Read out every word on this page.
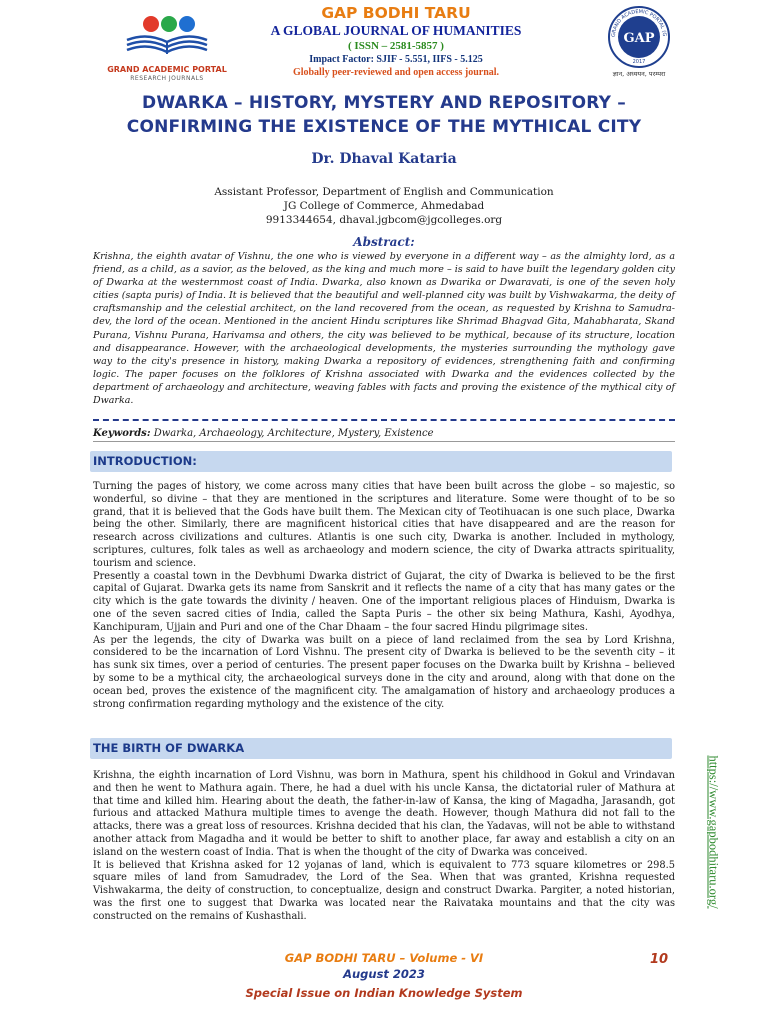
GRAND ACADEMIC PORTAL
RESEARCH JOURNALS
GAP BODHI TARU
A GLOBAL JOURNAL OF HUMANITIES
( ISSN – 2581-5857 )
Impact Factor: SJIF - 5.551, IIFS - 5.125
Globally peer-reviewed and open access journal.
GRAND ACADEMIC PORTAL (G
GAP
2017
ज्ञान, अध्ययन, परम्परा
DWARKA – HISTORY, MYSTERY AND REPOSITORY –
CONFIRMING THE EXISTENCE OF THE MYTHICAL CITY
Dr. Dhaval Kataria
Assistant Professor, Department of English and Communication
JG College of Commerce, Ahmedabad
9913344654, dhaval.jgbcom@jgcolleges.org
Abstract:
Krishna, the eighth avatar of Vishnu, the one who is viewed by everyone in a different way – as the almighty lord, as a friend, as a child, as a savior, as the beloved, as the king and much more – is said to have built the legendary golden city of Dwarka at the westernmost coast of India. Dwarka, also known as Dwarika or Dwaravati, is one of the seven holy cities (sapta puris) of India. It is believed that the beautiful and well-planned city was built by Vishwakarma, the deity of craftsmanship and the celestial architect, on the land recovered from the ocean, as requested by Krishna to Samudra-dev, the lord of the ocean. Mentioned in the ancient Hindu scriptures like Shrimad Bhagvad Gita, Mahabharata, Skand Purana, Vishnu Purana, Harivamsa and others, the city was believed to be mythical, because of its structure, location and disappearance. However, with the archaeological developments, the mysteries surrounding the mythology gave way to the city's presence in history, making Dwarka a repository of evidences, strengthening faith and confirming logic. The paper focuses on the folklores of Krishna associated with Dwarka and the evidences collected by the department of archaeology and architecture, weaving fables with facts and proving the existence of the mythical city of Dwarka.
Keywords: Dwarka, Archaeology, Architecture, Mystery, Existence
INTRODUCTION:

Turning the pages of history, we come across many cities that have been built across the globe – so majestic, so wonderful, so divine – that they are mentioned in the scriptures and literature. Some were thought of to be so grand, that it is believed that the Gods have built them. The Mexican city of Teotihuacan is one such place, Dwarka being the other. Similarly, there are magnificent historical cities that have disappeared and are the reason for research across civilizations and cultures. Atlantis is one such city, Dwarka is another. Included in mythology, scriptures, cultures, folk tales as well as archaeology and modern science, the city of Dwarka attracts spirituality, tourism and science.

Presently a coastal town in the Devbhumi Dwarka district of Gujarat, the city of Dwarka is believed to be the first capital of Gujarat. Dwarka gets its name from Sanskrit and it reflects the name of a city that has many gates or the city which is the gate towards the divinity / heaven. One of the important religious places of Hinduism, Dwarka is one of the seven sacred cities of India, called the Sapta Puris – the other six being Mathura, Kashi, Ayodhya, Kanchipuram, Ujjain and Puri and one of the Char Dhaam – the four sacred Hindu pilgrimage sites.

As per the legends, the city of Dwarka was built on a piece of land reclaimed from the sea by Lord Krishna, considered to be the incarnation of Lord Vishnu. The present city of Dwarka is believed to be the seventh city – it has sunk six times, over a period of centuries. The present paper focuses on the Dwarka built by Krishna – believed by some to be a mythical city, the archaeological surveys done in the city and around, along with that done on the ocean bed, proves the existence of the magnificent city. The amalgamation of history and archaeology produces a strong confirmation regarding mythology and the existence of the city.

THE BIRTH OF DWARKA

Krishna, the eighth incarnation of Lord Vishnu, was born in Mathura, spent his childhood in Gokul and Vrindavan and then he went to Mathura again. There, he had a duel with his uncle Kansa, the dictatorial ruler of Mathura at that time and killed him. Hearing about the death, the father-in-law of Kansa, the king of Magadha, Jarasandh, got furious and attacked Mathura multiple times to avenge the death. However, though Mathura did not fall to the attacks, there was a great loss of resources. Krishna decided that his clan, the Yadavas, will not be able to withstand another attack from Magadha and it would be better to shift to another place, far away and establish a city on an island on the western coast of India. That is when the thought of the city of Dwarka was conceived.

It is believed that Krishna asked for 12 yojanas of land, which is equivalent to 773 square kilometres or 298.5 square miles of land from Samudradev, the Lord of the Sea. When that was granted, Krishna requested Vishwakarma, the deity of construction, to conceptualize, design and construct Dwarka. Pargiter, a noted historian, was the first one to suggest that Dwarka was located near the Raivataka mountains and that the city was constructed on the remains of Kushasthali.

https://www.gapbodhitaru.org/
GAP BODHI TARU – Volume - VI
August 2023
Special Issue on Indian Knowledge System
10
